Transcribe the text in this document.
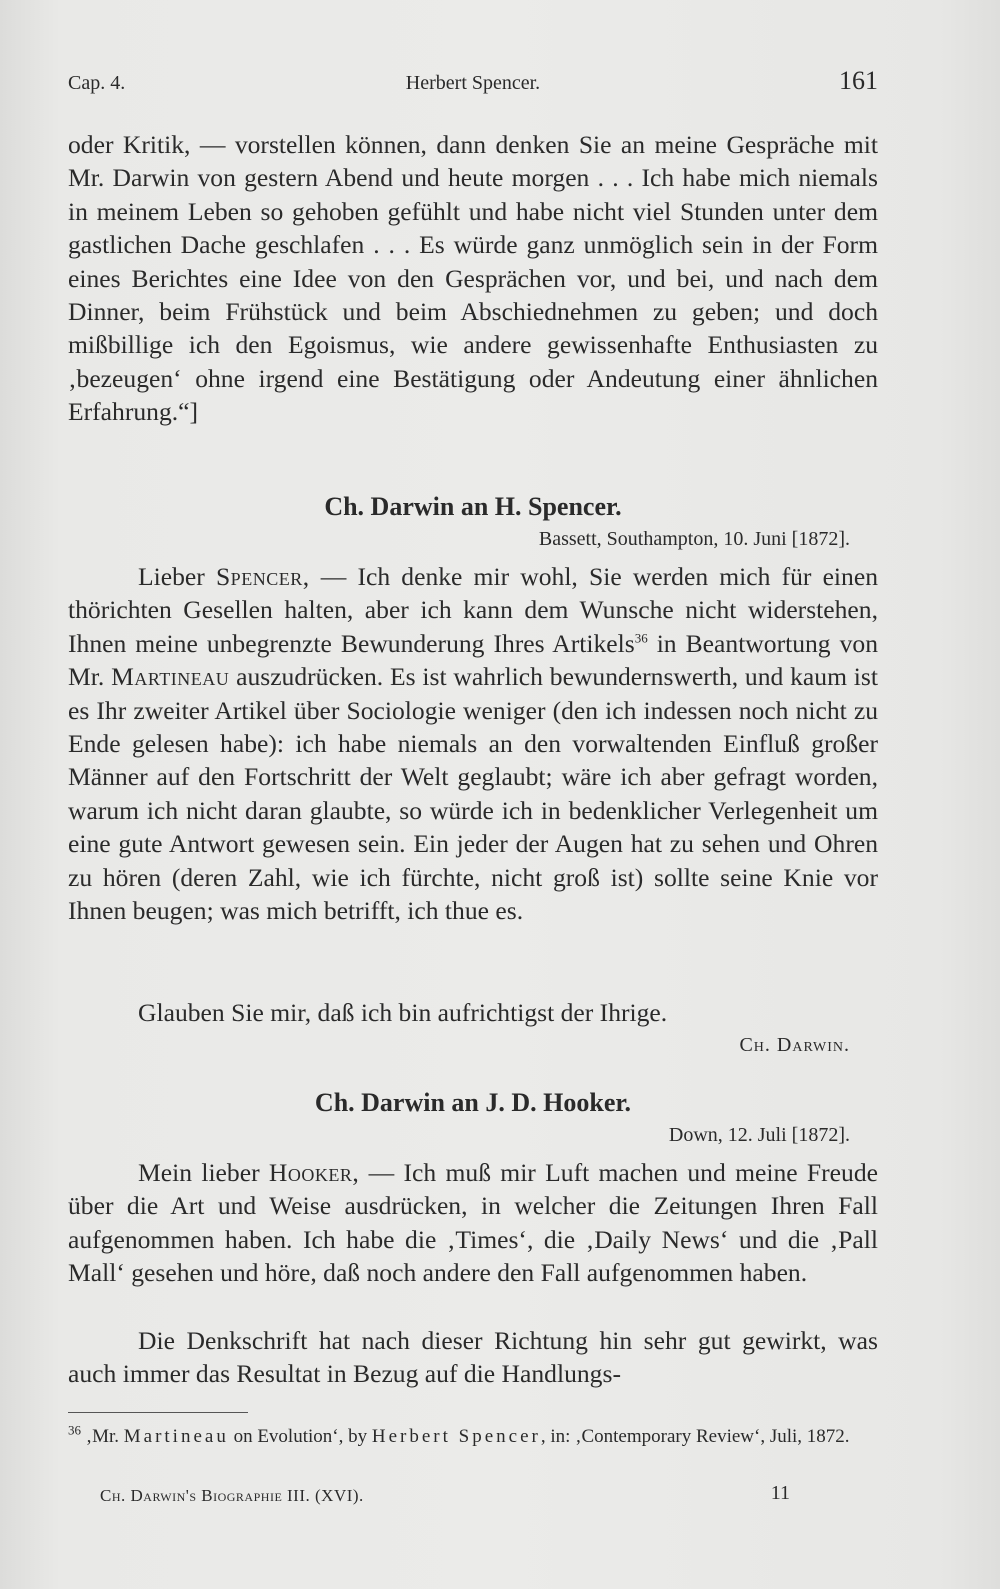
Cap. 4.	Herbert Spencer.	161

oder Kritik, — vorstellen können, dann denken Sie an meine Gespräche mit Mr. Darwin von gestern Abend und heute morgen . . . Ich habe mich niemals in meinem Leben so gehoben gefühlt und habe nicht viel Stunden unter dem gastlichen Dache geschlafen . . . Es würde ganz unmöglich sein in der Form eines Berichtes eine Idee von den Gesprächen vor, und bei, und nach dem Dinner, beim Frühstück und beim Abschiednehmen zu geben; und doch mißbillige ich den Egoismus, wie andere gewissenhafte Enthusiasten zu ‚bezeugen‘ ohne irgend eine Bestätigung oder Andeutung einer ähnlichen Erfahrung.“]

Ch. Darwin an H. Spencer.

Bassett, Southampton, 10. Juni [1872].

Lieber Spencer, — Ich denke mir wohl, Sie werden mich für einen thörichten Gesellen halten, aber ich kann dem Wunsche nicht widerstehen, Ihnen meine unbegrenzte Bewunderung Ihres Artikels$^{36}$ in Beantwortung von Mr. Martineau auszudrücken. Es ist wahrlich bewundernswerth, und kaum ist es Ihr zweiter Artikel über Sociologie weniger (den ich indessen noch nicht zu Ende gelesen habe): ich habe niemals an den vorwaltenden Einfluß großer Männer auf den Fortschritt der Welt geglaubt; wäre ich aber gefragt worden, warum ich nicht daran glaubte, so würde ich in bedenklicher Verlegenheit um eine gute Antwort gewesen sein. Ein jeder der Augen hat zu sehen und Ohren zu hören (deren Zahl, wie ich fürchte, nicht groß ist) sollte seine Knie vor Ihnen beugen; was mich betrifft, ich thue es.

Glauben Sie mir, daß ich bin aufrichtigst der Ihrige.

Ch. Darwin.

Ch. Darwin an J. D. Hooker.

Down, 12. Juli [1872].

Mein lieber Hooker, — Ich muß mir Luft machen und meine Freude über die Art und Weise ausdrücken, in welcher die Zeitungen Ihren Fall aufgenommen haben. Ich habe die ‚Times‘, die ‚Daily News‘ und die ‚Pall Mall‘ gesehen und höre, daß noch andere den Fall aufgenommen haben.

Die Denkschrift hat nach dieser Richtung hin sehr gut gewirkt, was auch immer das Resultat in Bezug auf die Handlungs-

$^{36}$ ‚Mr. Martineau on Evolution‘, by Herbert Spencer, in: ‚Contemporary Review‘, Juli, 1872.
Ch. Darwin's Biographie III. (XVI).	11
